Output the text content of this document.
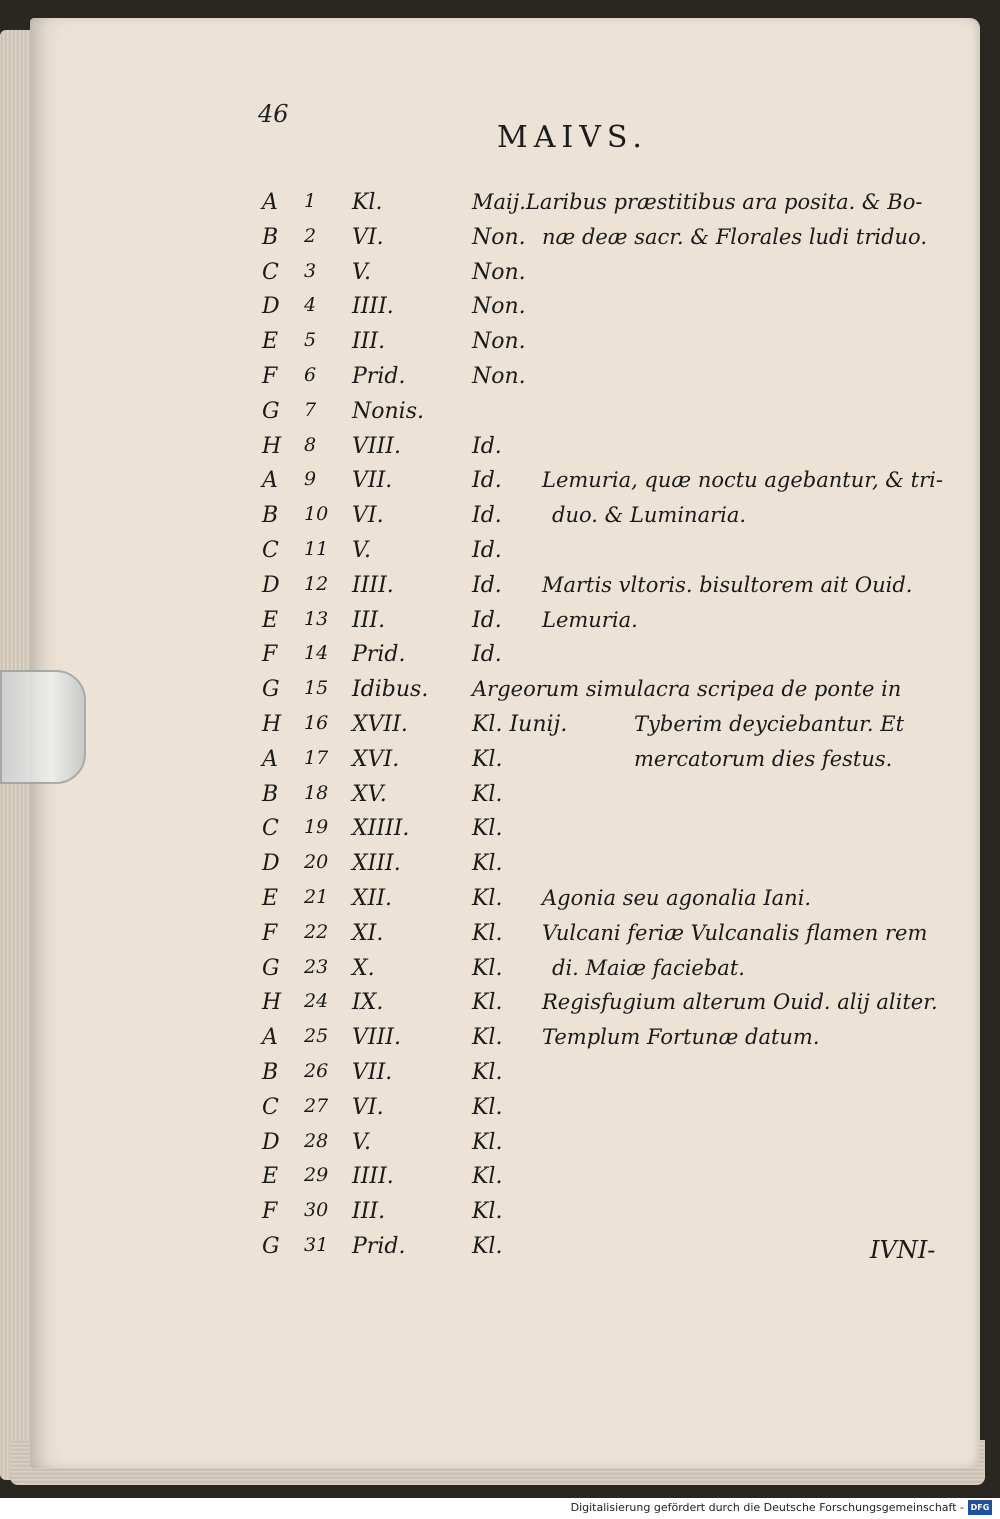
46
MAIVS.
A 1 Kl.	Maij.Laribus præstitibus ara posita. & Bo-
B 2 VI.	Non. næ deæ sacr. & Florales ludi triduo.
C 3 V.	Non.
D 4 IIII.	Non.
E 5 III.	Non.
F 6 Prid.	Non.
G 7 Nonis.
H 8 VIII.	Id.
A 9 VII.	Id. Lemuria, quæ noctu agebantur, & tri-
B 10 VI.	Id. duo. & Luminaria.
C 11 V.	Id.
D 12 IIII.	Id. Martis vltoris. bisultorem ait Ouid.
E 13 III.	Id. Lemuria.
F 14 Prid.	Id.
G 15 Idibus. Argeorum simulacra scripea de ponte in
H 16 XVII.	Kl. Iunij.	Tyberim deyciebantur. Et
A 17 XVI.	Kl.	mercatorum dies festus.
B 18 XV.	Kl.
C 19 XIIII.	Kl.
D 20 XIII.	Kl.
E 21 XII.	Kl. Agonia seu agonalia Iani.
F 22 XI.	Kl. Vulcani feriæ Vulcanalis flamen rem
G 23 X.	Kl. di. Maiæ faciebat.
H 24 IX.	Kl. Regisfugium alterum Ouid. alij aliter.
A 25 VIII.	Kl. Templum Fortunæ datum.
B 26 VII.	Kl.
C 27 VI.	Kl.
D 28 V.	Kl.
E 29 IIII.	Kl.
F 30 III.	Kl.
G 31 Prid.	Kl.	IVNI-
Digitalisierung gefördert durch die Deutsche Forschungsgemeinschaft - DFG
